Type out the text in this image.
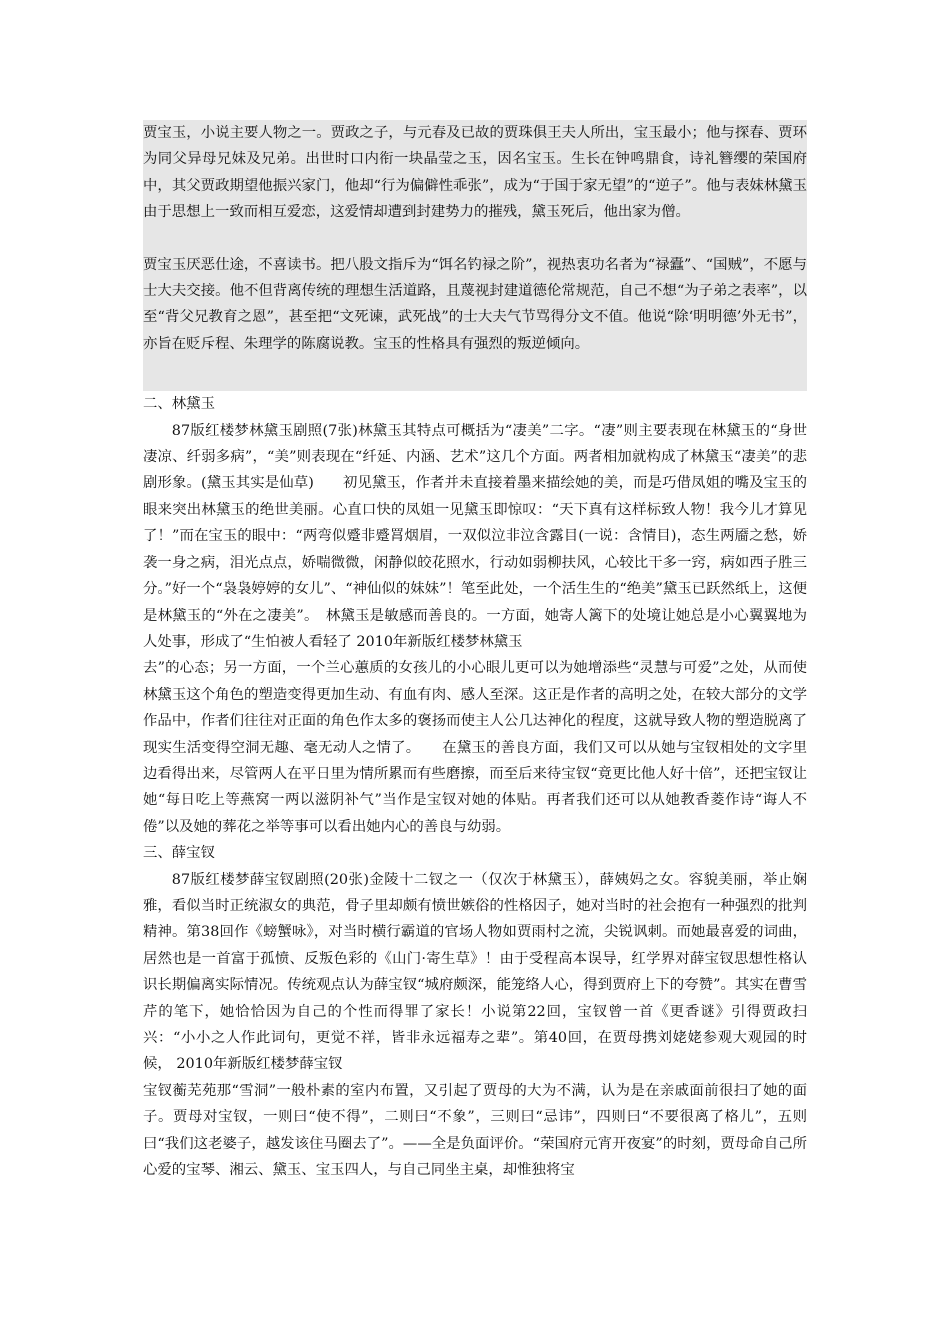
贾宝玉，小说主要人物之一。贾政之子，与元春及已故的贾珠俱王夫人所出，宝玉最小；他与探春、贾环为同父异母兄妹及兄弟。出世时口内衔一块晶莹之玉，因名宝玉。生长在钟鸣鼎食，诗礼簪缨的荣国府中，其父贾政期望他振兴家门，他却“行为偏僻性乖张”，成为“于国于家无望”的“逆子”。他与表妹林黛玉由于思想上一致而相互爱恋，这爱情却遭到封建势力的摧残，黛玉死后，他出家为僧。

贾宝玉厌恶仕途，不喜读书。把八股文指斥为“饵名钓禄之阶”，视热衷功名者为“禄蠹”、“国贼”，不愿与士大夫交接。他不但背离传统的理想生活道路，且蔑视封建道德伦常规范，自己不想“为子弟之表率”，以至“背父兄教育之恩”，甚至把“文死谏，武死战”的士大夫气节骂得分文不值。他说“除‘明明德’外无书”，亦旨在贬斥程、朱理学的陈腐说教。宝玉的性格具有强烈的叛逆倾向。

二、林黛玉

87版红楼梦林黛玉剧照(7张)林黛玉其特点可概括为“凄美”二字。“凄”则主要表现在林黛玉的“身世凄凉、纤弱多病”，“美”则表现在“纤延、内涵、艺术”这几个方面。两者相加就构成了林黛玉“凄美”的悲剧形象。(黛玉其实是仙草)　　初见黛玉，作者并未直接着墨来描绘她的美，而是巧借凤姐的嘴及宝玉的眼来突出林黛玉的绝世美丽。心直口快的凤姐一见黛玉即惊叹：“天下真有这样标致人物！我今儿才算见了！”而在宝玉的眼中：“两弯似蹙非蹙罥烟眉，一双似泣非泣含露目(一说：含情目)，态生两靥之愁，娇袭一身之病，泪光点点，娇喘微微，闲静似皎花照水，行动如弱柳扶风，心较比干多一窍，病如西子胜三分。”好一个“袅袅婷婷的女儿”、“神仙似的妹妹”！笔至此处，一个活生生的“绝美”黛玉已跃然纸上，这便是林黛玉的“外在之凄美”。　林黛玉是敏感而善良的。一方面，她寄人篱下的处境让她总是小心翼翼地为人处事，形成了“生怕被人看轻了 2010年新版红楼梦林黛玉

去”的心态；另一方面，一个兰心蕙质的女孩儿的小心眼儿更可以为她增添些“灵慧与可爱”之处，从而使林黛玉这个角色的塑造变得更加生动、有血有肉、感人至深。这正是作者的高明之处，在较大部分的文学作品中，作者们往往对正面的角色作太多的褒扬而使主人公几达神化的程度，这就导致人物的塑造脱离了现实生活变得空洞无趣、毫无动人之情了。　　在黛玉的善良方面，我们又可以从她与宝钗相处的文字里边看得出来，尽管两人在平日里为情所累而有些磨擦，而至后来待宝钗“竟更比他人好十倍”，还把宝钗让她“每日吃上等燕窝一两以滋阴补气”当作是宝钗对她的体贴。再者我们还可以从她教香菱作诗“诲人不倦”以及她的葬花之举等事可以看出她内心的善良与幼弱。

三、薛宝钗

87版红楼梦薛宝钗剧照(20张)金陵十二钗之一（仅次于林黛玉），薛姨妈之女。容貌美丽，举止娴雅，看似当时正统淑女的典范，骨子里却颇有愤世嫉俗的性格因子，她对当时的社会抱有一种强烈的批判精神。第38回作《螃蟹咏》，对当时横行霸道的官场人物如贾雨村之流，尖锐讽刺。而她最喜爱的词曲，居然也是一首富于孤愤、反叛色彩的《山门·寄生草》！由于受程高本误导，红学界对薛宝钗思想性格认识长期偏离实际情况。传统观点认为薛宝钗“城府颇深，能笼络人心，得到贾府上下的夸赞”。其实在曹雪芹的笔下，她恰恰因为自己的个性而得罪了家长！小说第22回，宝钗曾一首《更香谜》引得贾政扫兴：“小小之人作此词句，更觉不祥，皆非永远福寿之辈”。第40回，在贾母携刘姥姥参观大观园的时候， 2010年新版红楼梦薛宝钗

宝钗蘅芜苑那“雪洞”一般朴素的室内布置，又引起了贾母的大为不满，认为是在亲戚面前很扫了她的面子。贾母对宝钗，一则曰“使不得”，二则曰“不象”，三则曰“忌讳”，四则曰“不要很离了格儿”，五则曰“我们这老婆子，越发该住马圈去了”。——全是负面评价。“荣国府元宵开夜宴”的时刻，贾母命自己所心爱的宝琴、湘云、黛玉、宝玉四人，与自己同坐主桌，却惟独将宝
